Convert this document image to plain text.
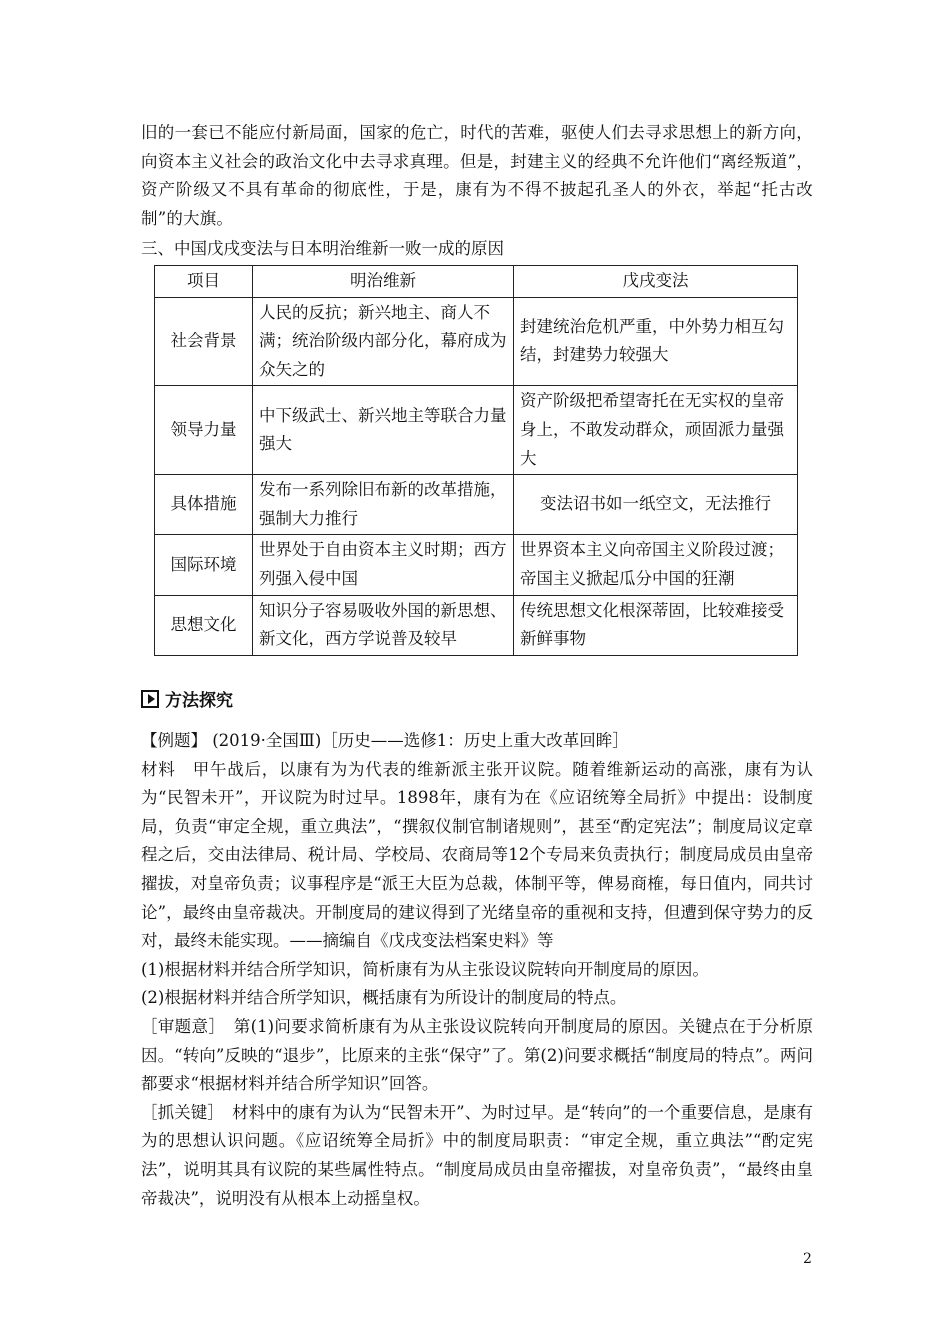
旧的一套已不能应付新局面，国家的危亡，时代的苦难，驱使人们去寻求思想上的新方向，向资本主义社会的政治文化中去寻求真理。但是，封建主义的经典不允许他们“离经叛道”，资产阶级又不具有革命的彻底性，于是，康有为不得不披起孔圣人的外衣，举起“托古改制”的大旗。
三、中国戊戌变法与日本明治维新一败一成的原因
项目	明治维新	戊戌变法
社会背景	人民的反抗；新兴地主、商人不满；统治阶级内部分化，幕府成为众矢之的	封建统治危机严重，中外势力相互勾结，封建势力较强大
领导力量	中下级武士、新兴地主等联合力量强大	资产阶级把希望寄托在无实权的皇帝身上，不敢发动群众，顽固派力量强大
具体措施	发布一系列除旧布新的改革措施，强制大力推行	变法诏书如一纸空文，无法推行
国际环境	世界处于自由资本主义时期；西方列强入侵中国	世界资本主义向帝国主义阶段过渡；帝国主义掀起瓜分中国的狂潮
思想文化	知识分子容易吸收外国的新思想、新文化，西方学说普及较早	传统思想文化根深蒂固，比较难接受新鲜事物
方法探究

【例题】 (2019·全国Ⅲ)［历史——选修1：历史上重大改革回眸］

材料　甲午战后，以康有为为代表的维新派主张开议院。随着维新运动的高涨，康有为认为“民智未开”，开议院为时过早。1898年，康有为在《应诏统筹全局折》中提出：设制度局，负责“审定全规，重立典法”，“撰叙仪制官制诸规则”，甚至“酌定宪法”；制度局议定章程之后，交由法律局、税计局、学校局、农商局等12个专局来负责执行；制度局成员由皇帝擢拔，对皇帝负责；议事程序是“派王大臣为总裁，体制平等，俾易商榷，每日值内，同共讨论”，最终由皇帝裁决。开制度局的建议得到了光绪皇帝的重视和支持，但遭到保守势力的反对，最终未能实现。——摘编自《戊戌变法档案史料》等

(1)根据材料并结合所学知识，简析康有为从主张设议院转向开制度局的原因。

(2)根据材料并结合所学知识，概括康有为所设计的制度局的特点。

［审题意］　第(1)问要求简析康有为从主张设议院转向开制度局的原因。关键点在于分析原因。“转向”反映的“退步”，比原来的主张“保守”了。第(2)问要求概括“制度局的特点”。两问都要求“根据材料并结合所学知识”回答。

［抓关键］　材料中的康有为认为“民智未开”、为时过早。是“转向”的一个重要信息，是康有为的思想认识问题。《应诏统筹全局折》中的制度局职责：“审定全规，重立典法”“酌定宪法”，说明其具有议院的某些属性特点。“制度局成员由皇帝擢拔，对皇帝负责”，“最终由皇帝裁决”，说明没有从根本上动摇皇权。

2
